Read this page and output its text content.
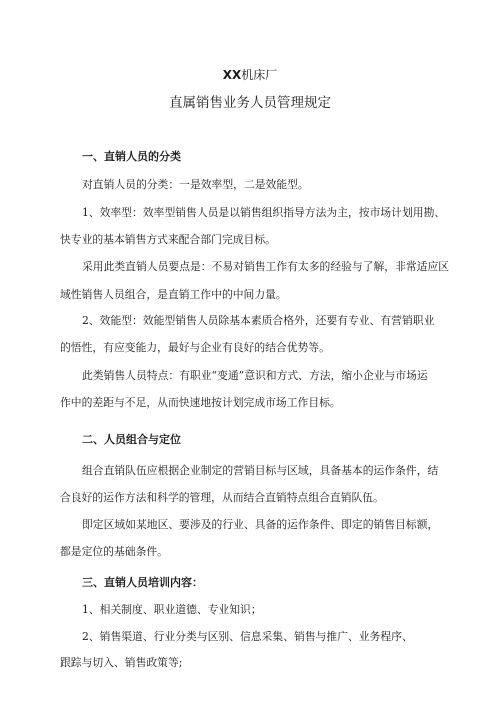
XX机床厂
直属销售业务人员管理规定
一、直销人员的分类
对直销人员的分类：一是效率型，二是效能型。
1、效率型：效率型销售人员是以销售组织指导方法为主，按市场计划用勘、
快专业的基本销售方式来配合部门完成目标。
采用此类直销人员要点是：不易对销售工作有太多的经验与了解，非常适应区
域性销售人员组合，是直销工作中的中间力量。
2、效能型：效能型销售人员除基本素质合格外，还要有专业、有营销职业
的悟性，有应变能力，最好与企业有良好的结合优势等。
此类销售人员特点：有职业“变通”意识和方式、方法，缩小企业与市场运
作中的差距与不足，从而快速地按计划完成市场工作目标。
二、人员组合与定位
组合直销队伍应根据企业制定的营销目标与区域，具备基本的运作条件，结
合良好的运作方法和科学的管理，从而结合直销特点组合直销队伍。
即定区域如某地区、要涉及的行业、具备的运作条件、即定的销售目标额，
都是定位的基础条件。
三、直销人员培训内容：
1、相关制度、职业道德、专业知识；
2、销售渠道、行业分类与区别、信息采集、销售与推广、业务程序、
跟踪与切入、销售政策等;
